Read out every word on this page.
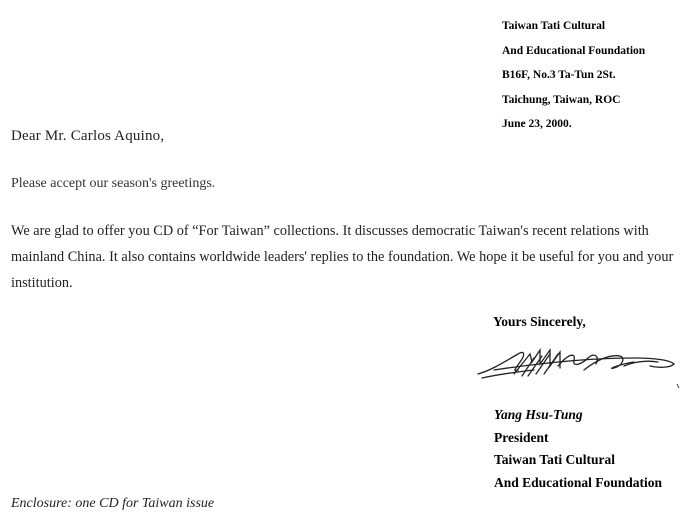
Taiwan Tati Cultural
And Educational Foundation
B16F, No.3 Ta-Tun 2St.
Taichung, Taiwan, ROC
June 23, 2000.
Dear Mr. Carlos Aquino,
Please accept our season's greetings.
We are glad to offer you CD of “For Taiwan” collections. It discusses democratic Taiwan's recent relations with mainland China. It also contains worldwide leaders' replies to the foundation. We hope it be useful for you and your institution.
Yours Sincerely,
Yang Hsu-Tung
President
Taiwan Tati Cultural
And Educational Foundation
Enclosure: one CD for Taiwan issue
